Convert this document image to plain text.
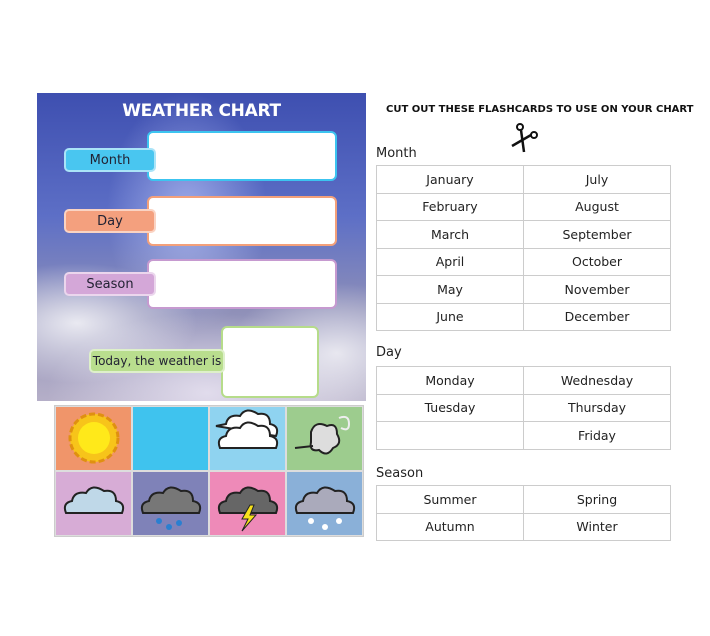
WEATHER CHART
Month
Day
Season
Today, the weather is
CUT OUT THESE FLASHCARDS TO USE ON YOUR CHART
Month
January	July
February	August
March	September
April	October
May	November
June	December
Day
Monday	Wednesday
Tuesday	Thursday
	Friday
Season
Summer	Spring
Autumn	Winter
